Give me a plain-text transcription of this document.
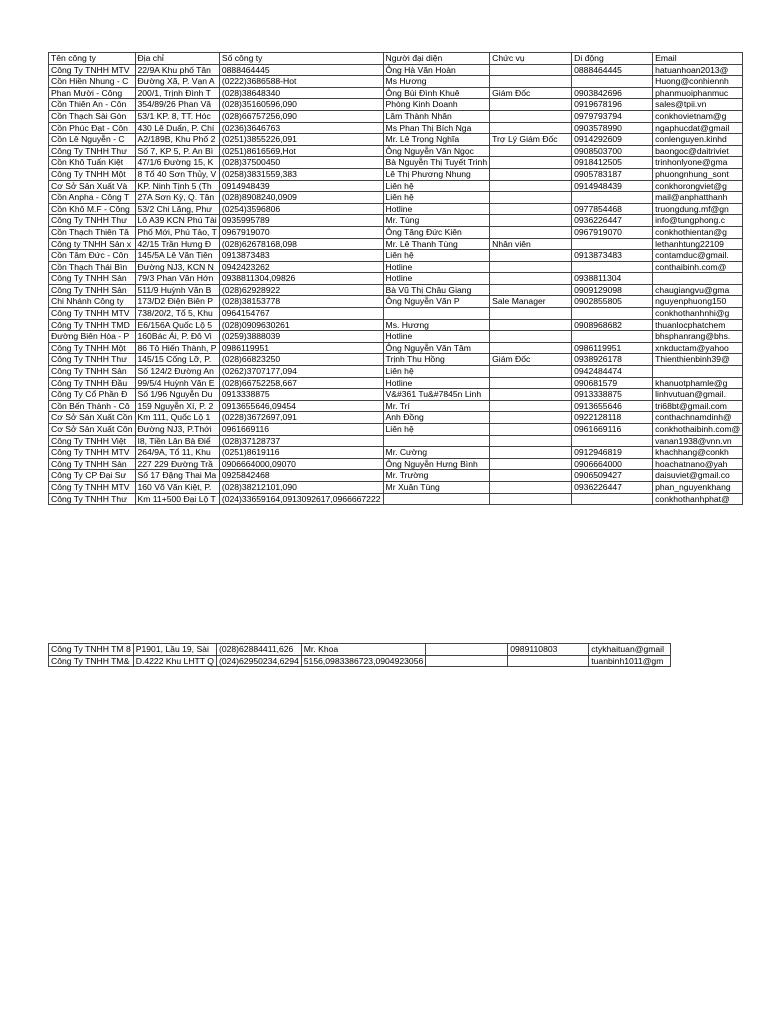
Tên công ty	Địa chỉ	Số công ty	Người đại diện	Chức vụ	Di động	Email
Công Ty TNHH MTV	22/9A Khu phố Tân	0888464445	Ông Hà Văn Hoàn		0888464445	hatuanhoan2013@
Cồn Hiền Nhung - C	Đường Xã, P. Vạn A	(0222)3686588-Hot	Ms Hương			Huong@conhiennh
Phan Mười - Công	200/1, Trịnh Đình T	(028)38648340	Ông Bùi Đình Khuê	Giám Đốc	0903842696	phanmuoiphanmuc
Cồn Thiên An - Côn	354/89/26 Phan Vă	(028)35160596,090	Phòng Kinh Doanh		0919678196	sales@tpii.vn
Cồn Thạch Sài Gòn	53/1 KP. 8, TT. Hóc	(028)66757256,090	Lâm Thành Nhân		0979793794	conkhovietnam@g
Cồn Phúc Đạt - Côn	430 Lê Duẩn, P. Chí	(0236)3646763	Ms Phan Thị Bích Nga		0903578990	ngaphucdat@gmail
Cồn Lê Nguyễn - C	A2/189B, Khu Phố 2	(0251)3855226,091	Mr. Lê Trọng Nghĩa	Trợ Lý Giám Đốc	0914292609	conlenguyen.kinhd
Công Ty TNHH Thư	Số 7, KP 5, P. An Bì	(0251)8616569,Hot	Ông Nguyễn Văn Ngọc		0908503700	baongoc@daitriviet
Cồn Khô Tuấn Kiệt	47/1/6 Đường 15, K	(028)37500450	Bà Nguyễn Thị Tuyết Trinh		0918412505	trinhonlyone@gma
Công Ty TNHH Một	8 Tổ 40 Sơn Thủy, V	(0258)3831559,383	Lê Thị Phương Nhung		0905783187	phuongnhung_sont
Cơ Sở Sản Xuất Và	KP. Ninh Tịnh 5 (Th	0914948439	Liên hệ		0914948439	conkhorongviet@g
Cồn Anpha - Công T	27A Sơn Kỳ, Q. Tân	(028)8908240,0909	Liên hệ			mail@anphatthanh
Cồn Khô M.F - Công	53/2 Chi Lăng, Phư	(0254)3596806	Hotline		0977854468	truongdung.mf@gn
Công Ty TNHH Thư	Lô A39 KCN Phú Tài	0935995789	Mr. Tùng		0936226447	info@tungphong.c
Cồn Thạch Thiên Tâ	Phố Mới, Phú Tảo, T	0967919070	Ông Tăng Đức Kiên		0967919070	conkhothientan@g
Công ty TNHH Sản x	42/15 Trần Hưng Đ	(028)62678168,098	Mr. Lê Thanh Tùng	Nhân viên		lethanhtung22109
Cồn Tâm Đức - Côn	145/5A Lê Văn Tiên	0913873483	Liên hệ		0913873483	contamduc@gmail.
Cồn Thạch Thái Bìn	Đường NJ3, KCN N	0942423262	Hotline			conthaibinh.com@
Công Ty TNHH Sản	79/3 Phan Văn Hớn	0938811304,09826	Hotline		0938811304	
Công Ty TNHH Sản	511/9 Huỳnh Văn B	(028)62928922	Bà Vũ Thị Châu Giang		0909129098	chaugiangvu@gma
Chi Nhánh Công ty	173/D2 Điện Biên P	(028)38153778	Ông Nguyễn Văn P	Sale Manager	0902855805	nguyenphuong150
Công Ty TNHH MTV	738/20/2, Tổ 5, Khu	0964154767				conkhothanhnhi@g
Công Ty TNHH TMD	E6/156A Quốc Lộ 5	(028)0909630261	Ms. Hương		0908968682	thuanlocphatchem
Đường Biên Hòa - P	160Bác Ái, P. Đô Vi	(0259)3888039	Hotline			bhsphanrang@bhs.
Công Ty TNHH Một	86 Tô Hiến Thành, P	0986119951	Ông Nguyễn Văn Tâm		0986119951	xnkductam@yahoo
Công Ty TNHH Thư	145/15 Cống Lỡ, P.	(028)66823250	Trịnh Thu Hồng	Giám Đốc	0938926178	Thienthienbinh39@
Công Ty TNHH Sản	Số 124/2 Đường An	(0262)3707177,094	Liên hệ		0942484474	
Công Ty TNHH Đầu	99/5/4 Huỳnh Văn E	(028)66752258,667	Hotline		090681579	khanuotphamle@g
Công Ty Cổ Phần Đ	Số 1/96 Nguyễn Du	0913338875	V&#361 Tu&#7845n Linh		0913338875	linhvutuan@gmail.
Cồn Bến Thành - Cô	159 Nguyễn Xí, P. 2	0913655646,09454	Mr. Trí		0913655646	tri68bt@gmail.com
Cơ Sở Sản Xuất Cồn	Km 111, Quốc Lộ 1	(0228)3672697,091	Anh Đồng		0922128118	conthachnamdinh@
Cơ Sở Sản Xuất Côn	Đường NJ3, P.Thới	0961669116	Liên hệ		0961669116	conkhothaibinh.com@
Công Ty TNHH Việt	I8, Tiền Lân Bà Điể	(028)37128737				vanan1938@vnn.vn
Công Ty TNHH MTV	264/9A, Tổ 11, Khu	(0251)8619116	Mr. Cường		0912946819	khachhang@conkh
Công Ty TNHH Sản	227 229 Đường Trầ	0906664000,09070	Ông Nguyễn Hưng Bình		0906664000	hoachatnano@yah
Công Ty CP Đại Sư	Số 17 Đặng Thai Ma	0925842468	Mr. Trường		0906509427	daisuviet@gmail.co
Công Ty TNHH MTV	160 Võ Văn Kiệt, P.	(028)38212101,090	Mr Xuân Tùng		0936226447	phan_nguyenkhang
Công Ty TNHH Thư	Km 11+500 Đại Lộ T	(024)33659164,0913092617,0966667222				conkhothanhphat@
Công Ty TNHH TM 8	P1901, Lầu 19, Sài	(028)62884411,626	Mr. Khoa		0989110803	ctykhaituan@gmail
Công Ty TNHH TM&	D.4222 Khu LHTT Q	(024)62950234,6294	5156,0983386723,0904923056			tuanbinh1011@gm
